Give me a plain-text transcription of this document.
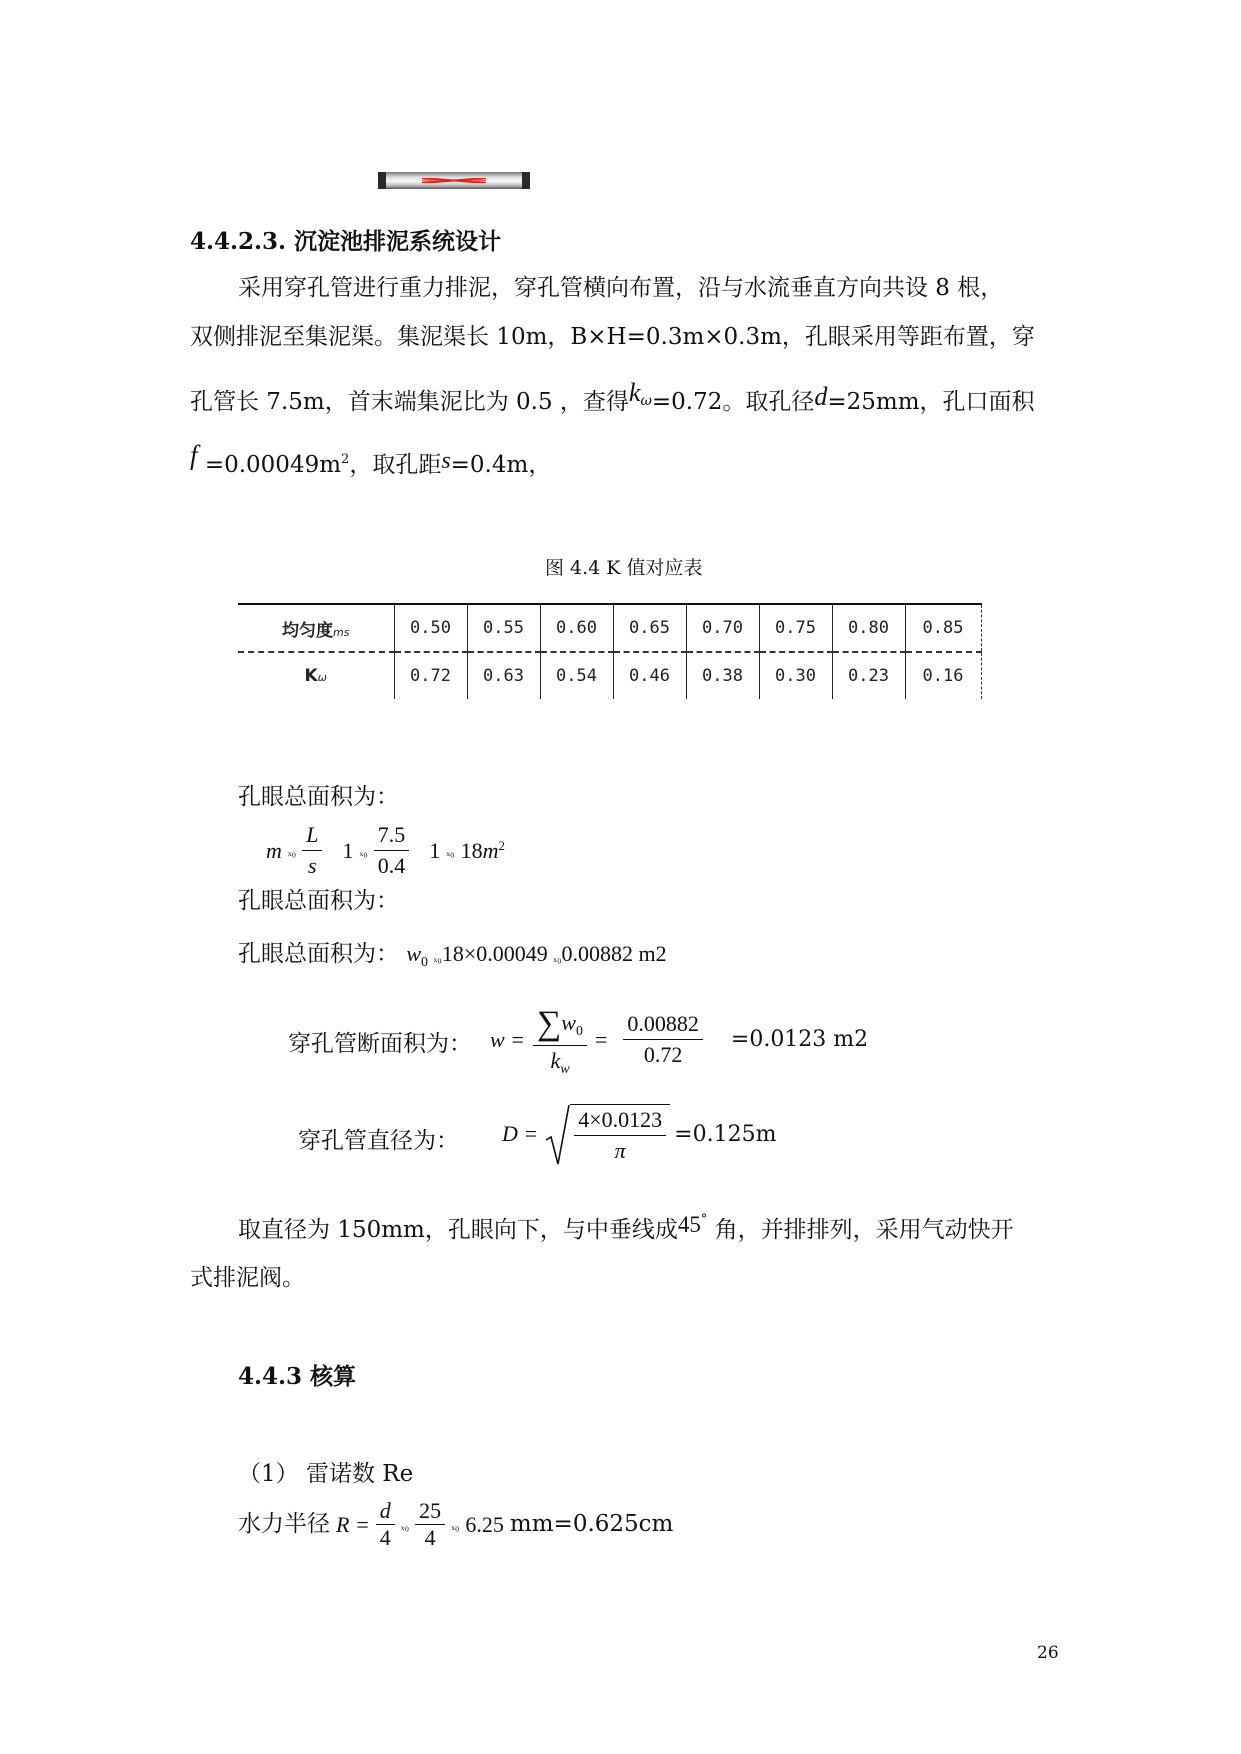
4.4.2.3. 沉淀池排泥系统设计
采用穿孔管进行重力排泥，穿孔管横向布置，沿与水流垂直方向共设 8 根，
双侧排泥至集泥渠。集泥渠长 10m，B×H=0.3m×0.3m，孔眼采用等距布置，穿
孔管长 7.5m，首末端集泥比为 0.5 ，查得kω=0.72。取孔径d=25mm，孔口面积
$f =0.00049m^2$，取孔距s=0.4m，
图 4.4 K 值对应表
均匀度ms	0.50	0.55	0.60	0.65	0.70	0.75	0.80	0.85
Kω	0.72	0.63	0.54	0.46	0.38	0.30	0.23	0.16
孔眼总面积为：
m $_{x0} \frac{L}{s} 1$ $_{x0} \frac{7.5}{0.4} 1$ ₓ₀ $18m^2$
孔眼总面积为：
孔眼总面积为： $w_0$ ₓ₀18×0.00049 ₓ₀0.00882 m2
穿孔管断面积为： $w = \frac{\sum w_0}{k_w} = \frac{0.00882}{0.72} =0.0123$ m2
穿孔管直径为： $D = \frac{4\times 0.0123}{\pi} =0.125m$
取直径为 150mm，孔眼向下，与中垂线成45° 角，并排排列，采用气动快开
式排泥阀。
4.4.3 核算
（1） 雷诺数 Re
水力半径 $R = \frac{d}{4} _{x0} \frac{25}{4} _{x0}$ 6.25 mm=0.625cm
26
